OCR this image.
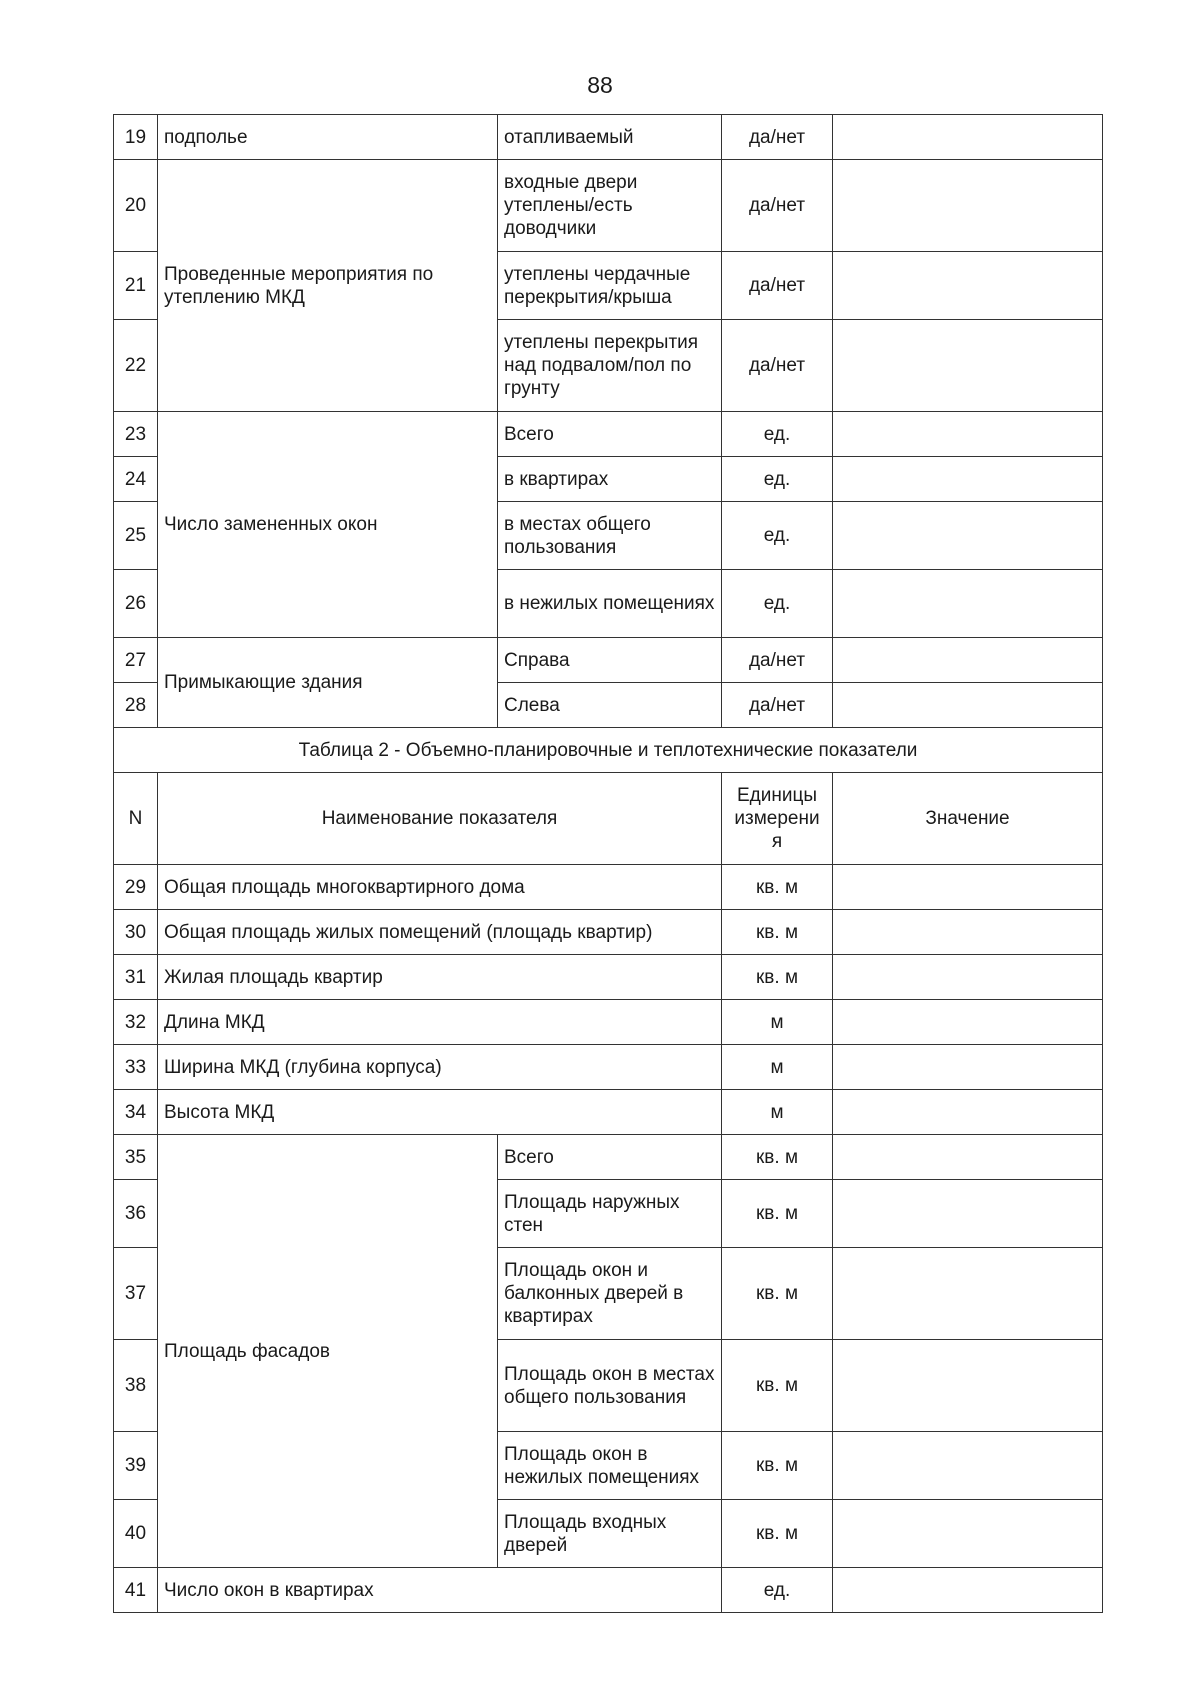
88
19	подполье	отапливаемый	да/нет	
20	Проведенные мероприятия по утеплению МКД	входные двери утеплены/есть доводчики	да/нет	
21		утеплены чердачные перекрытия/крыша	да/нет	
22		утеплены перекрытия над подвалом/пол по грунту	да/нет	
23	Число замененных окон	Всего	ед.	
24		в квартирах	ед.	
25		в местах общего пользования	ед.	
26		в нежилых помещениях	ед.	
27	Примыкающие здания	Справа	да/нет	
28		Слева	да/нет	
Таблица 2 - Объемно-планировочные и теплотехнические показатели				
N	Наименование показателя		Единицы измерени я	Значение
29	Общая площадь многоквартирного дома		кв. м	
30	Общая площадь жилых помещений (площадь квартир)		кв. м	
31	Жилая площадь квартир		кв. м	
32	Длина МКД		м	
33	Ширина МКД (глубина корпуса)		м	
34	Высота МКД		м	
35	Площадь фасадов	Всего	кв. м	
36		Площадь наружных стен	кв. м	
37		Площадь окон и балконных дверей в квартирах	кв. м	
38		Площадь окон в местах общего пользования	кв. м	
39		Площадь окон в нежилых помещениях	кв. м	
40		Площадь входных дверей	кв. м	
41	Число окон в квартирах		ед.	
